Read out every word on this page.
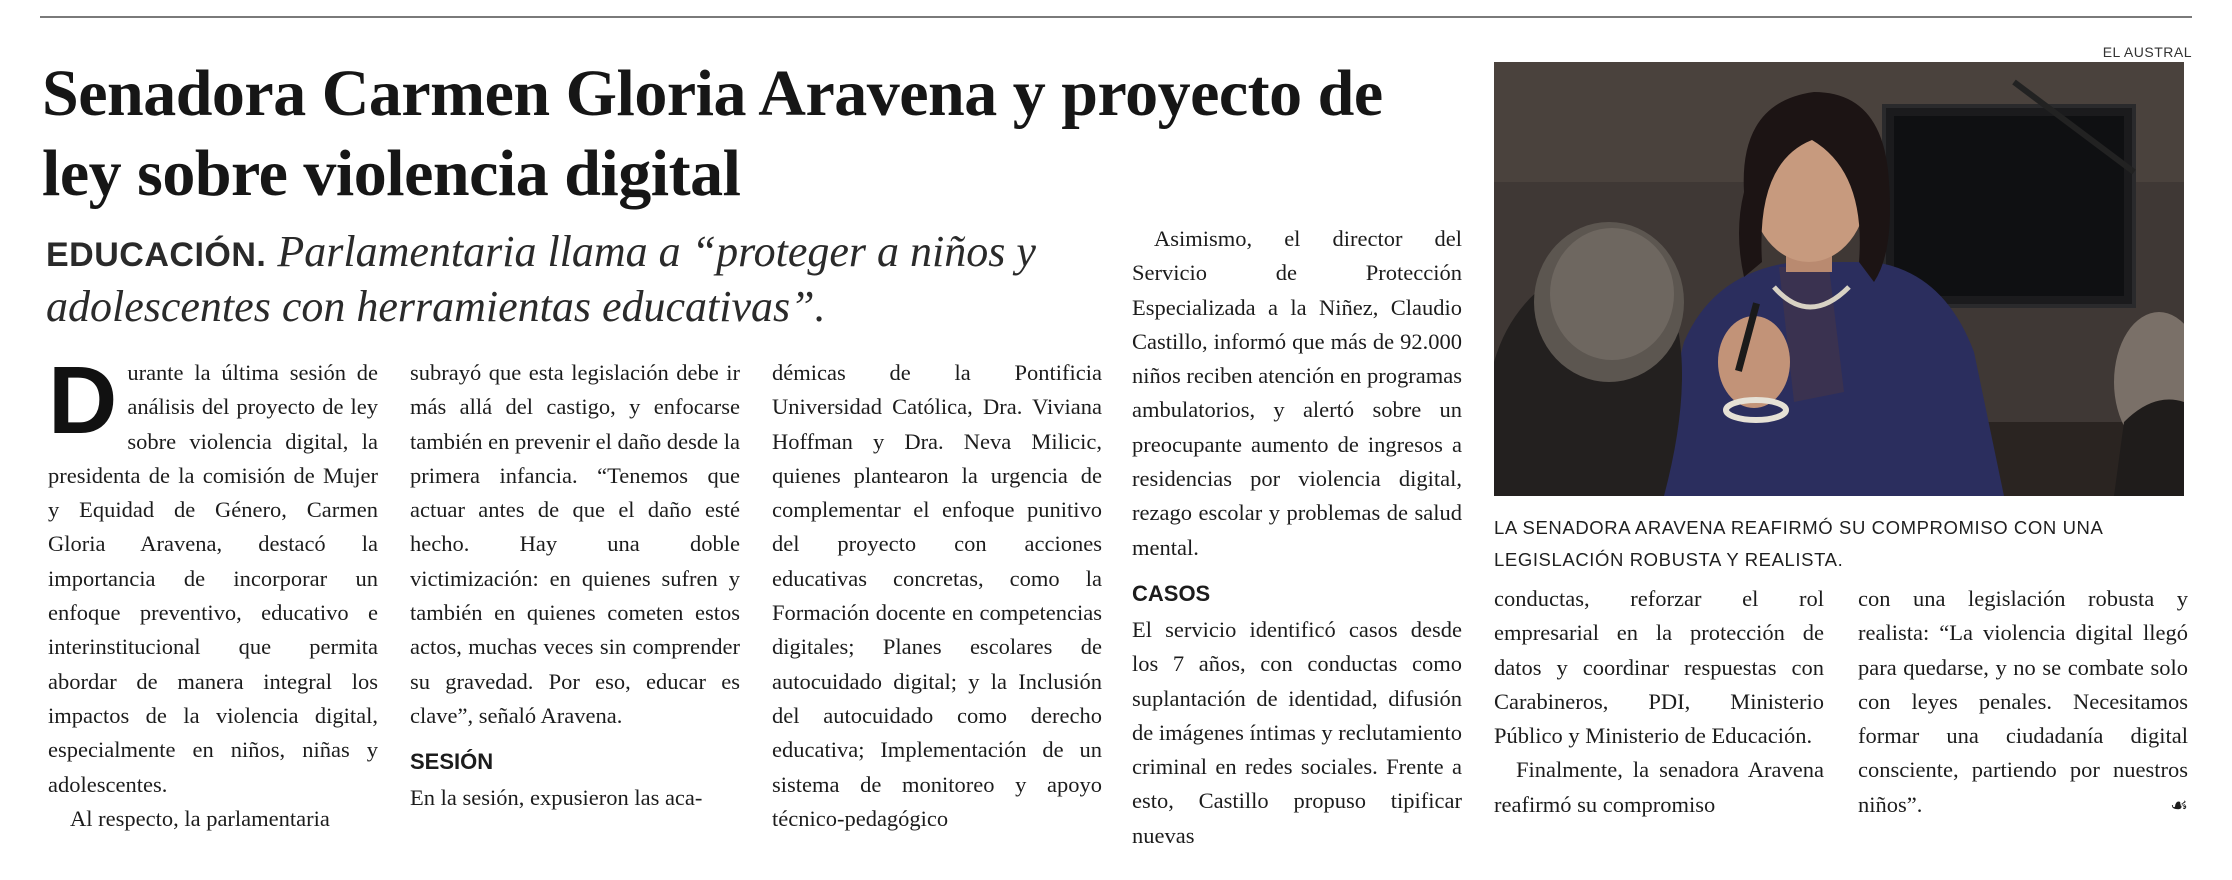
Senadora Carmen Gloria Aravena y proyecto de ley sobre violencia digital

EDUCACIÓN. Parlamentaria llama a “proteger a niños y adolescentes con herramientas educativas”.

D urante la última sesión de análisis del proyecto de ley sobre violencia digital, la presidenta de la comisión de Mujer y Equidad de Género, Carmen Gloria Aravena, destacó la importancia de incorporar un enfoque preventivo, educativo e interinstitucional que permita abordar de manera integral los impactos de la violencia digital, especialmente en niños, niñas y adolescentes.

Al respecto, la parlamentaria

subrayó que esta legislación debe ir más allá del castigo, y enfocarse también en prevenir el daño desde la primera infancia. “Tenemos que actuar antes de que el daño esté hecho. Hay una doble victimización: en quienes sufren y también en quienes cometen estos actos, muchas veces sin comprender su gravedad. Por eso, educar es clave”, señaló Aravena.

SESIÓN

En la sesión, expusieron las aca-

démicas de la Pontificia Universidad Católica, Dra. Viviana Hoffman y Dra. Neva Milicic, quienes plantearon la urgencia de complementar el enfoque punitivo del proyecto con acciones educativas concretas, como la Formación docente en competencias digitales; Planes escolares de autocuidado digital; y la Inclusión del autocuidado como derecho educativa; Implementación de un sistema de monitoreo y apoyo técnico-pedagógico

Asimismo, el director del Servicio de Protección Especializada a la Niñez, Claudio Castillo, informó que más de 92.000 niños reciben atención en programas ambulatorios, y alertó sobre un preocupante aumento de ingresos a residencias por violencia digital, rezago escolar y problemas de salud mental.

CASOS

El servicio identificó casos desde los 7 años, con conductas como suplantación de identidad, difusión de imágenes íntimas y reclutamiento criminal en redes sociales. Frente a esto, Castillo propuso tipificar nuevas

conductas, reforzar el rol empresarial en la protección de datos y coordinar respuestas con Carabineros, PDI, Ministerio Público y Ministerio de Educación.

Finalmente, la senadora Aravena reafirmó su compromiso

con una legislación robusta y realista: “La violencia digital llegó para quedarse, y no se combate solo con leyes penales. Necesitamos formar una ciudadanía digital consciente, partiendo por nuestros niños”.	☙

EL AUSTRAL

LA SENADORA ARAVENA REAFIRMÓ SU COMPROMISO CON UNA LEGISLACIÓN ROBUSTA Y REALISTA.
